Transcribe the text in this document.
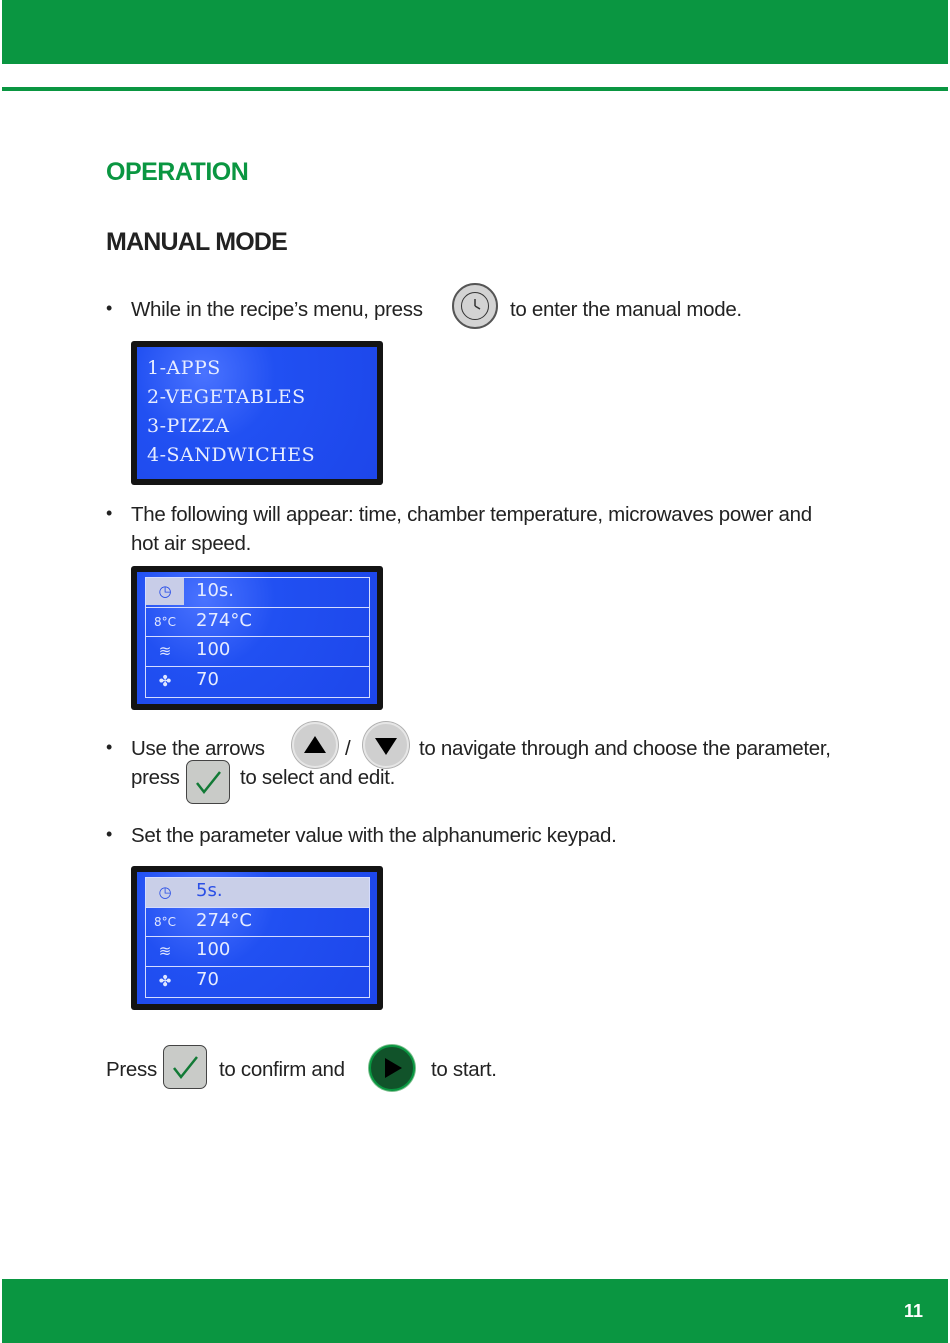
OPERATION
MANUAL MODE
• While in the recipe’s menu, press	to enter the manual mode.
1-APPS
2-VEGETABLES
3-PIZZA
4-SANDWICHES
• The following will appear: time, chamber temperature, microwaves power and
hot air speed.
◷	10s.
8°C 274°C
≋	100
✤	70
• Use the arrows	/	to navigate through and choose the parameter,
press	to select and edit.
• Set the parameter value with the alphanumeric keypad.
◷	5s.
8°C 274°C
≋	100
✤	70
Press	to confirm and	to start.
11
